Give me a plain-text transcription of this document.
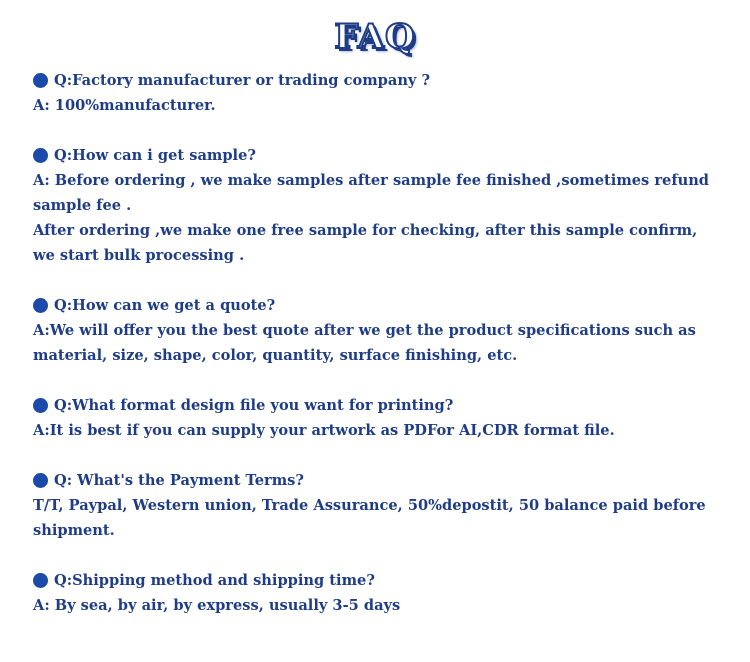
FAQ
Q:Factory manufacturer or trading company ?
A: 100%manufacturer.
Q:How can i get sample?
A: Before ordering , we make samples after sample fee finished ,sometimes refund
sample fee .
After ordering ,we make one free sample for checking, after this sample confirm,
we start bulk processing .
Q:How can we get a quote?
A:We will offer you the best quote after we get the product specifications such as
material, size, shape, color, quantity, surface finishing, etc.
Q:What format design file you want for printing?
A:It is best if you can supply your artwork as PDFor AI,CDR format file.
Q: What's the Payment Terms?
T/T, Paypal, Western union, Trade Assurance, 50%depostit, 50 balance paid before
shipment.
Q:Shipping method and shipping time?
A: By sea, by air, by express, usually 3-5 days
